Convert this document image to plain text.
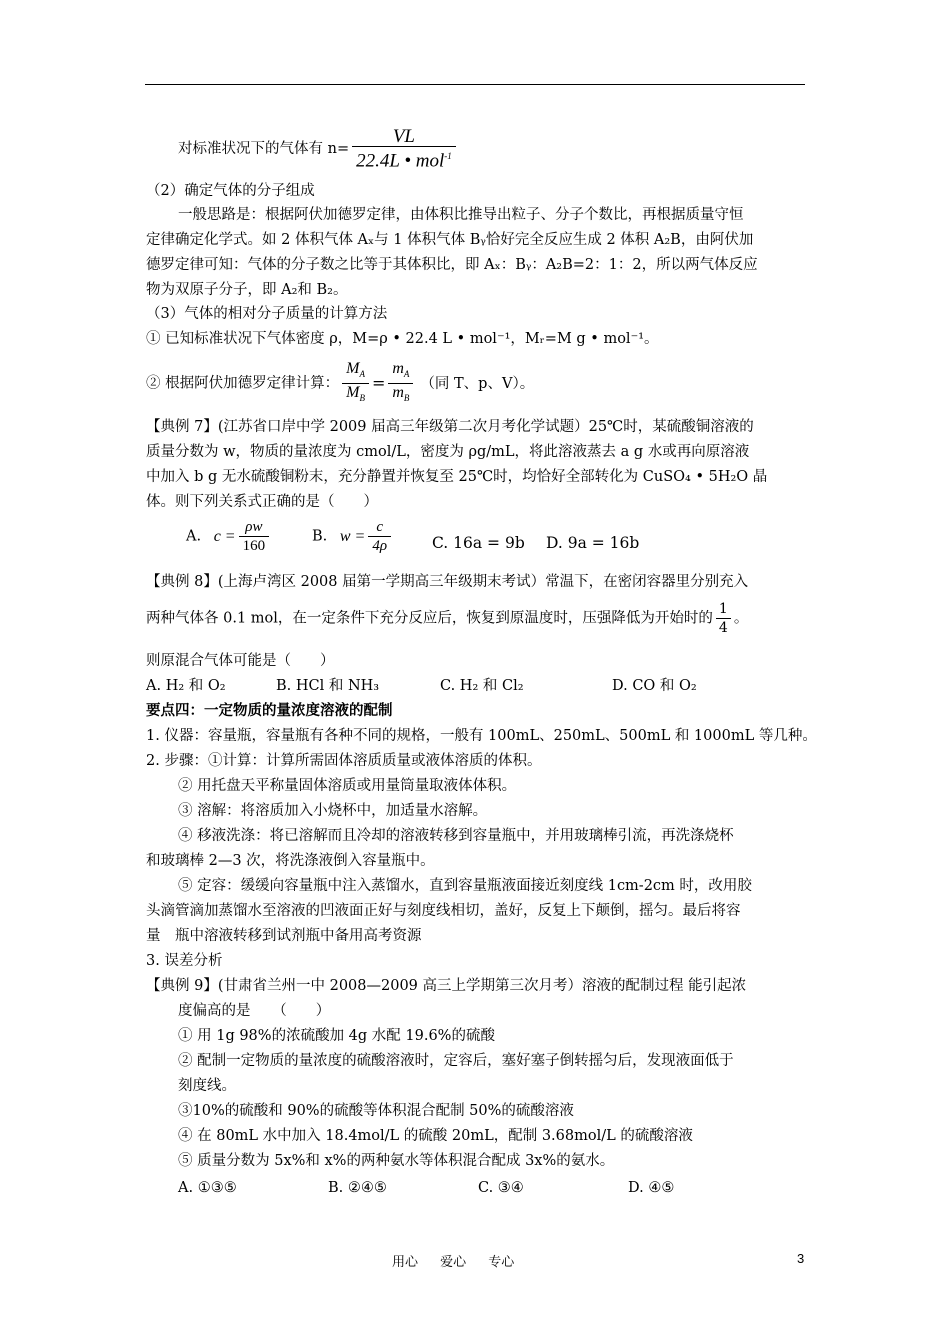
对标准状况下的气体有 $n= \frac{VL}{22.4L • mol^{-1}}$
（2）确定气体的分子组成
一般思路是：根据阿伏加德罗定律，由体积比推导出粒子、分子个数比，再根据质量守恒
定律确定化学式。如 2 体积气体 Aₓ与 1 体积气体 Bᵧ恰好完全反应生成 2 体积 A₂B，由阿伏加
德罗定律可知：气体的分子数之比等于其体积比，即 Aₓ：Bᵧ：A₂B=2：1：2，所以两气体反应
物为双原子分子，即 A₂和 B₂。
（3）气体的相对分子质量的计算方法
① 已知标准状况下气体密度 ρ，M=ρ • 22.4 L • mol⁻¹，Mᵣ=M g • mol⁻¹。
② 根据阿伏加德罗定律计算： $\frac{M_A}{M_B} = \frac{m_A}{m_B}$ （同 T、p、V）。
【典例 7】(江苏省口岸中学 2009 届高三年级第二次月考化学试题）25℃时，某硫酸铜溶液的
质量分数为 w，物质的量浓度为 cmol/L，密度为 ρg/mL，将此溶液蒸去 a g 水或再向原溶液
中加入 b g 无水硫酸铜粉末，充分静置并恢复至 25℃时，均恰好全部转化为 CuSO₄ • 5H₂O 晶
体。则下列关系式正确的是（　　）
A. $c = \frac{\rho w}{160}$	B. $w = \frac{c}{4\rho}$	C. 16a = 9b D. 9a = 16b
【典例 8】(上海卢湾区 2008 届第一学期高三年级期末考试）常温下，在密闭容器里分别充入
两种气体各 0.1 mol，在一定条件下充分反应后，恢复到原温度时，压强降低为开始时的 $\frac{1}{4}$ 。
则原混合气体可能是（　　）
A. H₂ 和 O₂	B. HCl 和 NH₃	C. H₂ 和 Cl₂	D. CO 和 O₂
要点四：一定物质的量浓度溶液的配制
1. 仪器：容量瓶，容量瓶有各种不同的规格，一般有 100mL、250mL、500mL 和 1000mL 等几种。
2. 步骤：①计算：计算所需固体溶质质量或液体溶质的体积。
② 用托盘天平称量固体溶质或用量筒量取液体体积。
③ 溶解：将溶质加入小烧杯中，加适量水溶解。
④ 移液洗涤：将已溶解而且冷却的溶液转移到容量瓶中，并用玻璃棒引流，再洗涤烧杯
和玻璃棒 2—3 次，将洗涤液倒入容量瓶中。
⑤ 定容：缓缓向容量瓶中注入蒸馏水，直到容量瓶液面接近刻度线 1cm-2cm 时，改用胶
头滴管滴加蒸馏水至溶液的凹液面正好与刻度线相切，盖好，反复上下颠倒，摇匀。最后将容
量　瓶中溶液转移到试剂瓶中备用高考资源
3. 误差分析
【典例 9】(甘肃省兰州一中 2008—2009 高三上学期第三次月考）溶液的配制过程 能引起浓
度偏高的是　　（　　）
① 用 1g 98%的浓硫酸加 4g 水配 19.6%的硫酸
② 配制一定物质的量浓度的硫酸溶液时，定容后，塞好塞子倒转摇匀后，发现液面低于
刻度线。
③10%的硫酸和 90%的硫酸等体积混合配制 50%的硫酸溶液
④ 在 80mL 水中加入 18.4mol/L 的硫酸 20mL，配制 3.68mol/L 的硫酸溶液
⑤ 质量分数为 5x%和 x%的两种氨水等体积混合配成 3x%的氨水。
A. ①③⑤	B. ②④⑤	C. ③④	D. ④⑤
用心 爱心 专心	3
